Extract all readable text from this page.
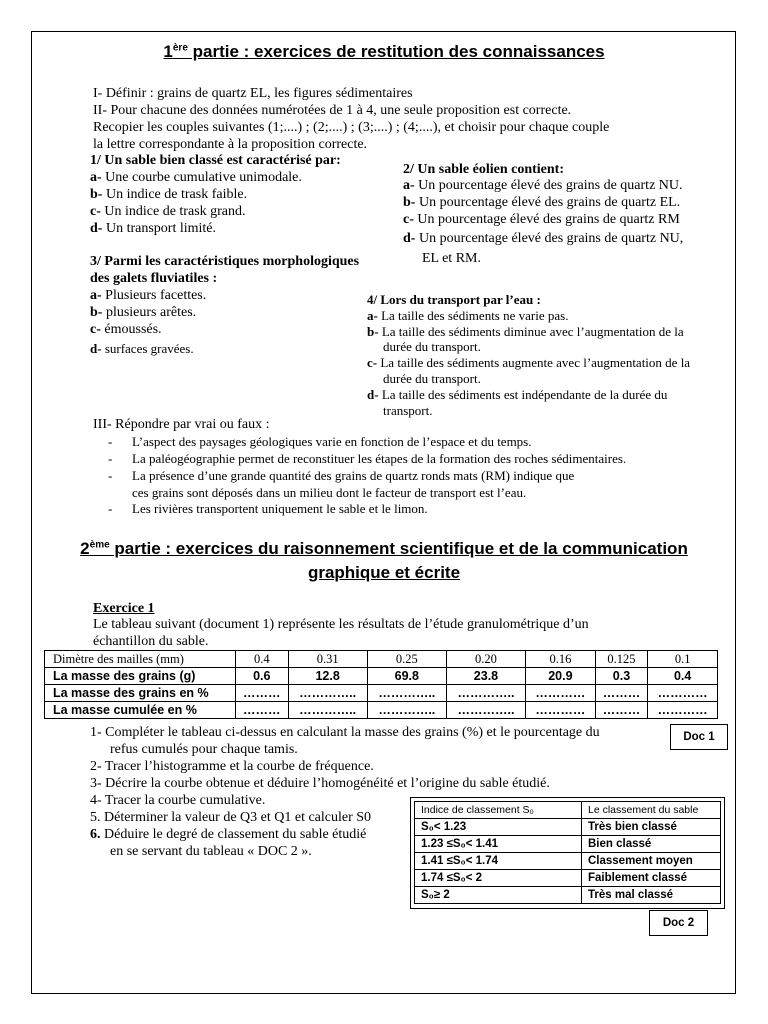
1ère partie : exercices de restitution des connaissances
I- Définir : grains de quartz EL, les figures sédimentaires
II- Pour chacune des données numérotées de 1 à 4, une seule proposition est correcte.
Recopier les couples suivantes (1;....) ; (2;....) ; (3;....) ; (4;....), et choisir pour chaque couple
la lettre correspondante à la proposition correcte.
1/ Un sable bien classé est caractérisé par:
a- Une courbe cumulative unimodale.
b- Un indice de trask faible.
c- Un indice de trask grand.
d- Un transport limité.
2/ Un sable éolien contient:
a- Un pourcentage élevé des grains de quartz NU.
b- Un pourcentage élevé des grains de quartz EL.
c- Un pourcentage élevé des grains de quartz RM
d- Un pourcentage élevé des grains de quartz NU,
EL et RM.
3/ Parmi les caractéristiques morphologiques
des galets fluviatiles :
a- Plusieurs facettes.
b- plusieurs arêtes.
c- émoussés.
d- surfaces gravées.
4/ Lors du transport par l’eau :
a- La taille des sédiments ne varie pas.
b- La taille des sédiments diminue avec l’augmentation de la
durée du transport.
c- La taille des sédiments augmente avec l’augmentation de la
durée du transport.
d- La taille des sédiments est indépendante de la durée du
transport.
III- Répondre par vrai ou faux :
- L’aspect des paysages géologiques varie en fonction de l’espace et du temps.
- La paléogéographie permet de reconstituer les étapes de la formation des roches sédimentaires.
- La présence d’une grande quantité des grains de quartz ronds mats (RM) indique que
ces grains sont déposés dans un milieu dont le facteur de transport est l’eau.
- Les rivières transportent uniquement le sable et le limon.
2ème partie : exercices du raisonnement scientifique et de la communication
graphique et écrite
Exercice 1
Le tableau suivant (document 1) représente les résultats de l’étude granulométrique d’un
échantillon du sable.
Dimètre des mailles (mm)	0.4	0.31	0.25	0.20	0.16	0.125	0.1
La masse des grains (g)	0.6	12.8	69.8	23.8	20.9	0.3	0.4
La masse des grains en %	………	…………..	…………..	…………..	…………	………	…………
La masse cumulée en %	………	…………..	…………..	…………..	…………	………	…………
Doc 1
1- Compléter le tableau ci-dessus en calculant la masse des grains (%) et le pourcentage du
refus cumulés pour chaque tamis.
2- Tracer l’histogramme et la courbe de fréquence.
3- Décrire la courbe obtenue et déduire l’homogénéité et l’origine du sable étudié.
4- Tracer la courbe cumulative.
5. Déterminer la valeur de Q3 et Q1 et calculer S0
6. Déduire le degré de classement du sable étudié
en se servant du tableau « DOC 2 ».
Indice de classement S₀	Le classement du sable
S₀< 1.23	Très bien classé
1.23 ≤S₀< 1.41	Bien classé
1.41 ≤S₀< 1.74	Classement moyen
1.74 ≤S₀< 2	Faiblement classé
S₀≥ 2	Très mal classé
Doc 2
